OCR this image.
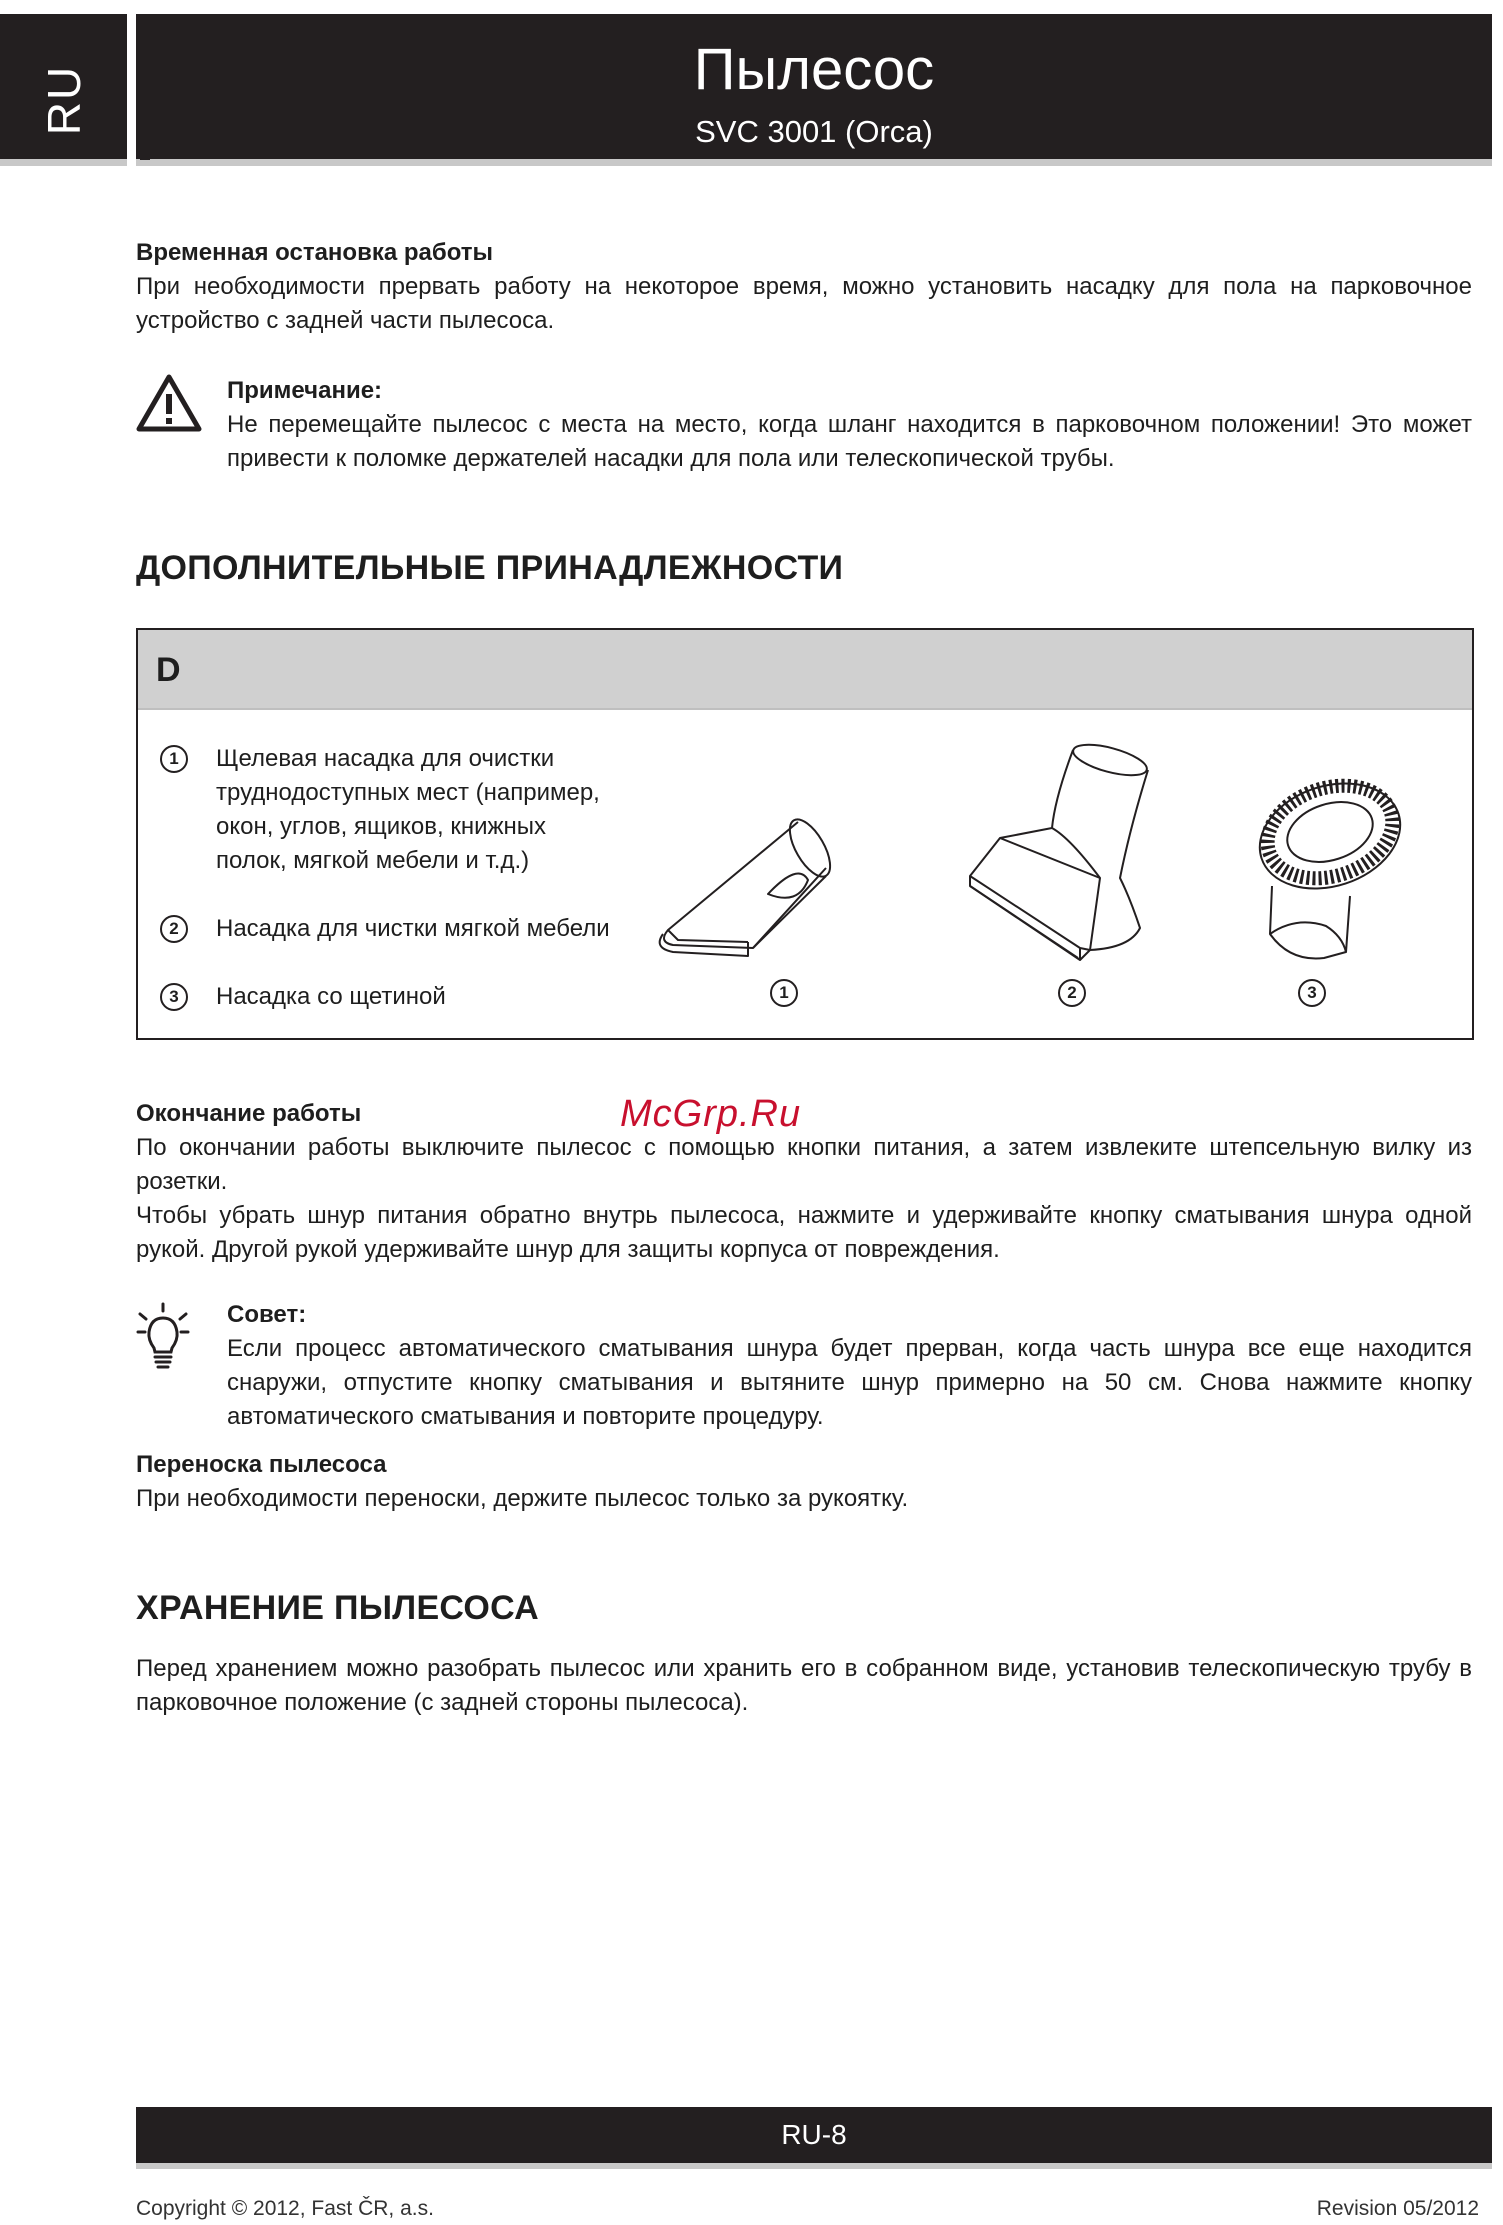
RU	Пылесос
SVC 3001 (Orca)
Временная остановка работы
При необходимости прервать работу на некоторое время, можно установить насадку для пола на парковочное устройство с задней части пылесоса.
Примечание:
Не перемещайте пылесос с места на место, когда шланг находится в парковочном положении! Это может привести к поломке держателей насадки для пола или телескопической трубы.
ДОПОЛНИТЕЛЬНЫЕ ПРИНАДЛЕЖНОСТИ
D
1	Щелевая насадка для очистки труднодоступных мест (например, окон, углов, ящиков, книжных полок, мягкой мебели и т.д.)
2	Насадка для чистки мягкой мебели
3	Насадка со щетиной	1	2	3
Окончание работы
По окончании работы выключите пылесос с помощью кнопки питания, а затем извлеките штепсельную вилку из розетки.
Чтобы убрать шнур питания обратно внутрь пылесоса, нажмите и удерживайте кнопку сматывания шнура одной рукой. Другой рукой удерживайте шнур для защиты корпуса от повреждения.
McGrp.Ru
Совет:
Если процесс автоматического сматывания шнура будет прерван, когда часть шнура все еще находится снаружи, отпустите кнопку сматывания и вытяните шнур примерно на 50 см. Снова нажмите кнопку автоматического сматывания и повторите процедуру.
Переноска пылесоса
При необходимости переноски, держите пылесос только за рукоятку.
ХРАНЕНИЕ ПЫЛЕСОСА
Перед хранением можно разобрать пылесос или хранить его в собранном виде, установив телескопическую трубу в парковочное положение (с задней стороны пылесоса).
RU-8
Copyright © 2012, Fast ČR, a.s.	Revision 05/2012
